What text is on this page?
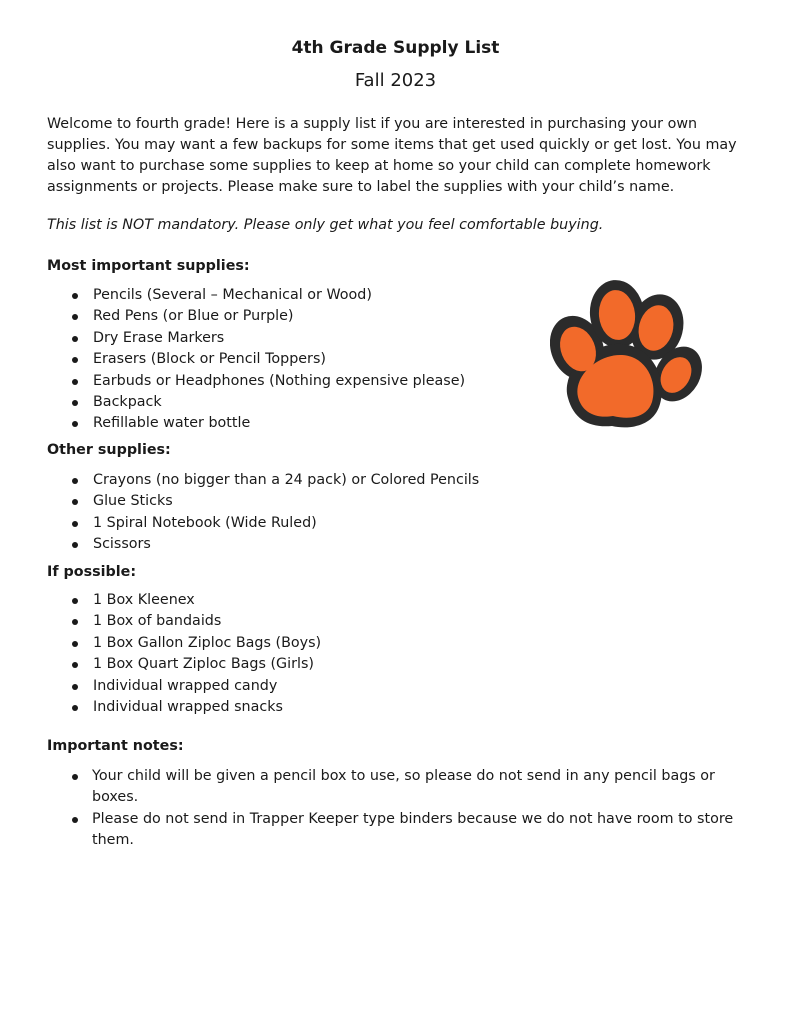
4th Grade Supply List
Fall 2023

Welcome to fourth grade! Here is a supply list if you are interested in purchasing your own supplies. You may want a few backups for some items that get used quickly or get lost. You may also want to purchase some supplies to keep at home so your child can complete homework assignments or projects. Please make sure to label the supplies with your child’s name.

This list is NOT mandatory. Please only get what you feel comfortable buying.

Most important supplies:

Pencils (Several – Mechanical or Wood)
Red Pens (or Blue or Purple)
Dry Erase Markers
Erasers (Block or Pencil Toppers)
Earbuds or Headphones (Nothing expensive please)
Backpack
Refillable water bottle

Other supplies:

Crayons (no bigger than a 24 pack) or Colored Pencils
Glue Sticks
1 Spiral Notebook (Wide Ruled)
Scissors

If possible:

1 Box Kleenex
1 Box of bandaids
1 Box Gallon Ziploc Bags (Boys)
1 Box Quart Ziploc Bags (Girls)
Individual wrapped candy
Individual wrapped snacks

Important notes:

Your child will be given a pencil box to use, so please do not send in any pencil bags or boxes.
Please do not send in Trapper Keeper type binders because we do not have room to store them.
